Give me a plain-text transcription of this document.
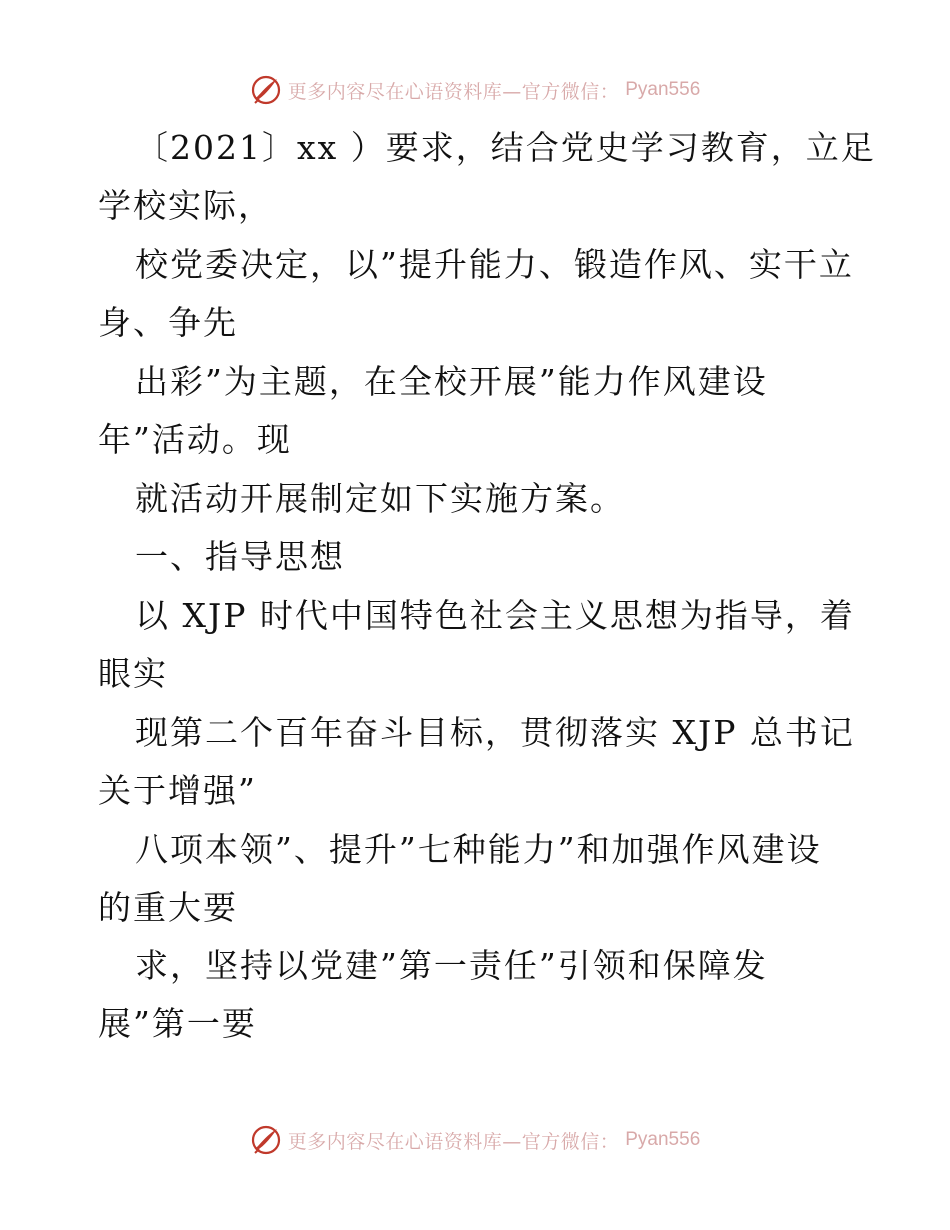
更多内容尽在心语资料库—官方微信： Pyan556
〔2021〕xx ）要求，结合党史学习教育，立足
学校实际，
校党委决定，以”提升能力、锻造作风、实干立
身、争先
出彩”为主题，在全校开展”能力作风建设
年”活动。现
就活动开展制定如下实施方案。
一、指导思想
以 XJP 时代中国特色社会主义思想为指导，着
眼实
现第二个百年奋斗目标，贯彻落实 XJP 总书记
关于增强”
八项本领”、提升”七种能力”和加强作风建设
的重大要
求，坚持以党建”第一责任”引领和保障发
展”第一要
更多内容尽在心语资料库—官方微信： Pyan556
